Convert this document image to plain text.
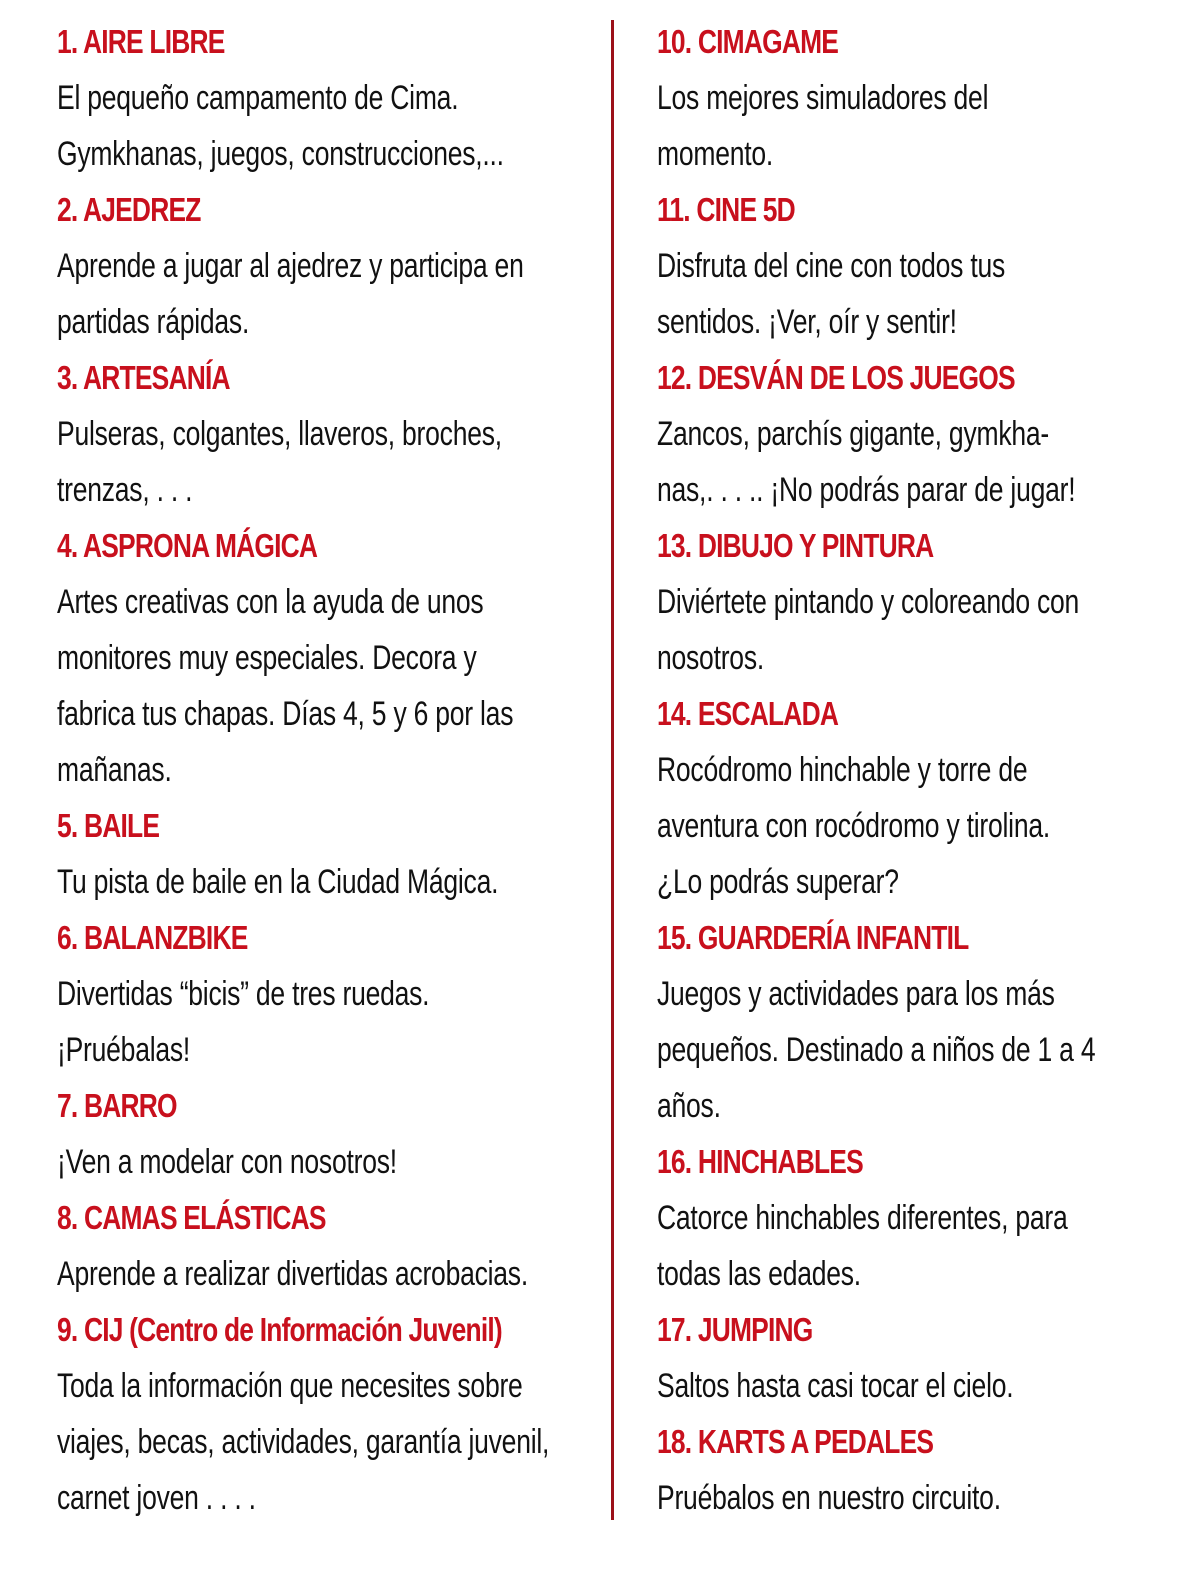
1. AIRE LIBRE
El pequeño campamento de Cima.
Gymkhanas, juegos, construcciones,...
2. AJEDREZ
Aprende a jugar al ajedrez y participa en
partidas rápidas.
3. ARTESANÍA
Pulseras, colgantes, llaveros, broches,
trenzas, . . .
4. ASPRONA MÁGICA
Artes creativas con la ayuda de unos
monitores muy especiales. Decora y
fabrica tus chapas. Días 4, 5 y 6 por las
mañanas.
5. BAILE
Tu pista de baile en la Ciudad Mágica.
6. BALANZBIKE
Divertidas “bicis” de tres ruedas.
¡Pruébalas!
7. BARRO
¡Ven a modelar con nosotros!
8. CAMAS ELÁSTICAS
Aprende a realizar divertidas acrobacias.
9. CIJ (Centro de Información Juvenil)
Toda la información que necesites sobre
viajes, becas, actividades, garantía juvenil,
carnet joven . . . .
10. CIMAGAME
Los mejores simuladores del
momento.
11. CINE 5D
Disfruta del cine con todos tus
sentidos. ¡Ver, oír y sentir!
12. DESVÁN DE LOS JUEGOS
Zancos, parchís gigante, gymkha-
nas,. . . .. ¡No podrás parar de jugar!
13. DIBUJO Y PINTURA
Diviértete pintando y coloreando con
nosotros.
14. ESCALADA
Rocódromo hinchable y torre de
aventura con rocódromo y tirolina.
¿Lo podrás superar?
15. GUARDERÍA INFANTIL
Juegos y actividades para los más
pequeños. Destinado a niños de 1 a 4
años.
16. HINCHABLES
Catorce hinchables diferentes, para
todas las edades.
17. JUMPING
Saltos hasta casi tocar el cielo.
18. KARTS A PEDALES
Pruébalos en nuestro circuito.
